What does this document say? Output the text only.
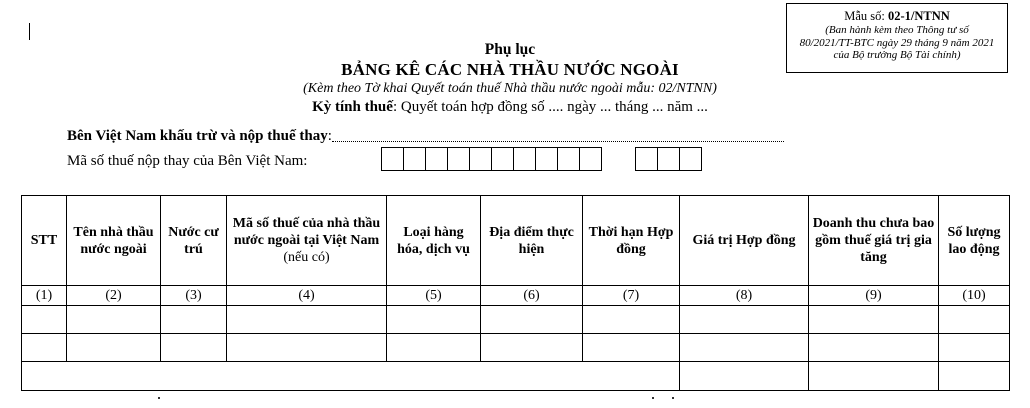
Mẫu số: 02-1/NTNN
(Ban hành kèm theo Thông tư số
80/2021/TT-BTC ngày 29 tháng 9 năm 2021
của Bộ trưởng Bộ Tài chính)
Phụ lục
BẢNG KÊ CÁC NHÀ THẦU NƯỚC NGOÀI
(Kèm theo Tờ khai Quyết toán thuế Nhà thầu nước ngoài mẫu: 02/NTNN)
Kỳ tính thuế: Quyết toán hợp đồng số .... ngày ... tháng ... năm ...
Bên Việt Nam khấu trừ và nộp thuế thay :
Mã số thuế nộp thay của Bên Việt Nam:
STT	Tên nhà thầu nước ngoài	Nước cư trú	Mã số thuế của nhà thầu nước ngoài tại Việt Nam (nếu có)	Loại hàng hóa, dịch vụ	Địa điểm thực hiện	Thời hạn Hợp đồng	Giá trị Hợp đồng	Doanh thu chưa bao gồm thuế giá trị gia tăng	Số lượng lao động
(1)	(2)	(3)	(4)	(5)	(6)	(7)	(8)	(9)	(10)
